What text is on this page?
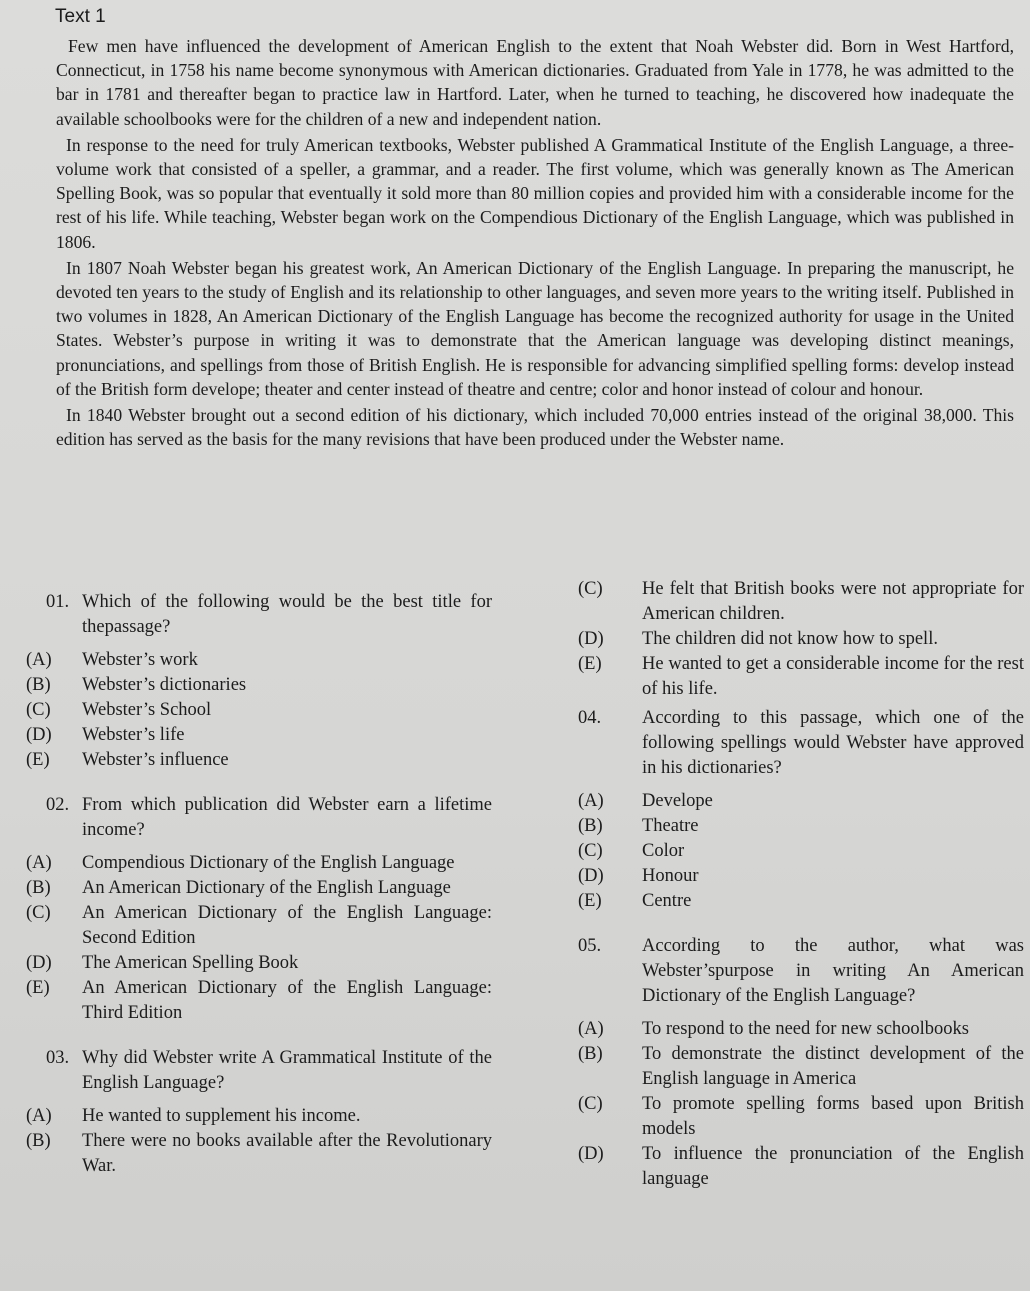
Text 1

Few men have influenced the development of American English to the extent that Noah Webster did. Born in West Hartford, Connecticut, in 1758 his name become synonymous with American dictionaries. Graduated from Yale in 1778, he was admitted to the bar in 1781 and thereafter began to practice law in Hartford. Later, when he turned to teaching, he discovered how inadequate the available schoolbooks were for the children of a new and independent nation.

In response to the need for truly American textbooks, Webster published A Grammatical Institute of the English Language, a three-volume work that consisted of a speller, a grammar, and a reader. The first volume, which was generally known as The American Spelling Book, was so popular that eventually it sold more than 80 million copies and provided him with a considerable income for the rest of his life. While teaching, Webster began work on the Compendious Dictionary of the English Language, which was published in 1806.

In 1807 Noah Webster began his greatest work, An American Dictionary of the English Language. In preparing the manuscript, he devoted ten years to the study of English and its relationship to other languages, and seven more years to the writing itself. Published in two volumes in 1828, An American Dictionary of the English Language has become the recognized authority for usage in the United States. Webster’s purpose in writing it was to demonstrate that the American language was developing distinct meanings, pronunciations, and spellings from those of British English. He is responsible for advancing simplified spelling forms: develop instead of the British form develope; theater and center instead of theatre and centre; color and honor instead of colour and honour.

In 1840 Webster brought out a second edition of his dictionary, which included 70,000 entries instead of the original 38,000. This edition has served as the basis for the many revisions that have been produced under the Webster name.

01. Which of the following would be the best title for thepassage?
(A)	Webster’s work
(B)	Webster’s dictionaries
(C)	Webster’s School
(D)	Webster’s life
(E)	Webster’s influence
02. From which publication did Webster earn a lifetime income?
(A)	Compendious Dictionary of the English Language
(B)	An American Dictionary of the English Language
(C)	An American Dictionary of the English Language: Second Edition
(D)	The American Spelling Book
(E)	An American Dictionary of the English Language: Third Edition
03. Why did Webster write A Grammatical Institute of the English Language?
(A)	He wanted to supplement his income.
(B)	There were no books available after the Revolutionary War.
(C)	He felt that British books were not appropriate for American children.
(D)	The children did not know how to spell.
(E)	He wanted to get a considerable income for the rest of his life.
04.	According to this passage, which one of the following spellings would Webster have approved in his dictionaries?
(A)	Develope
(B)	Theatre
(C)	Color
(D)	Honour
(E)	Centre
05.	According to the author, what was Webster’spurpose in writing An American Dictionary of the English Language?
(A)	To respond to the need for new schoolbooks
(B)	To demonstrate the distinct development of the English language in America
(C)	To promote spelling forms based upon British models
(D)	To influence the pronunciation of the English language
